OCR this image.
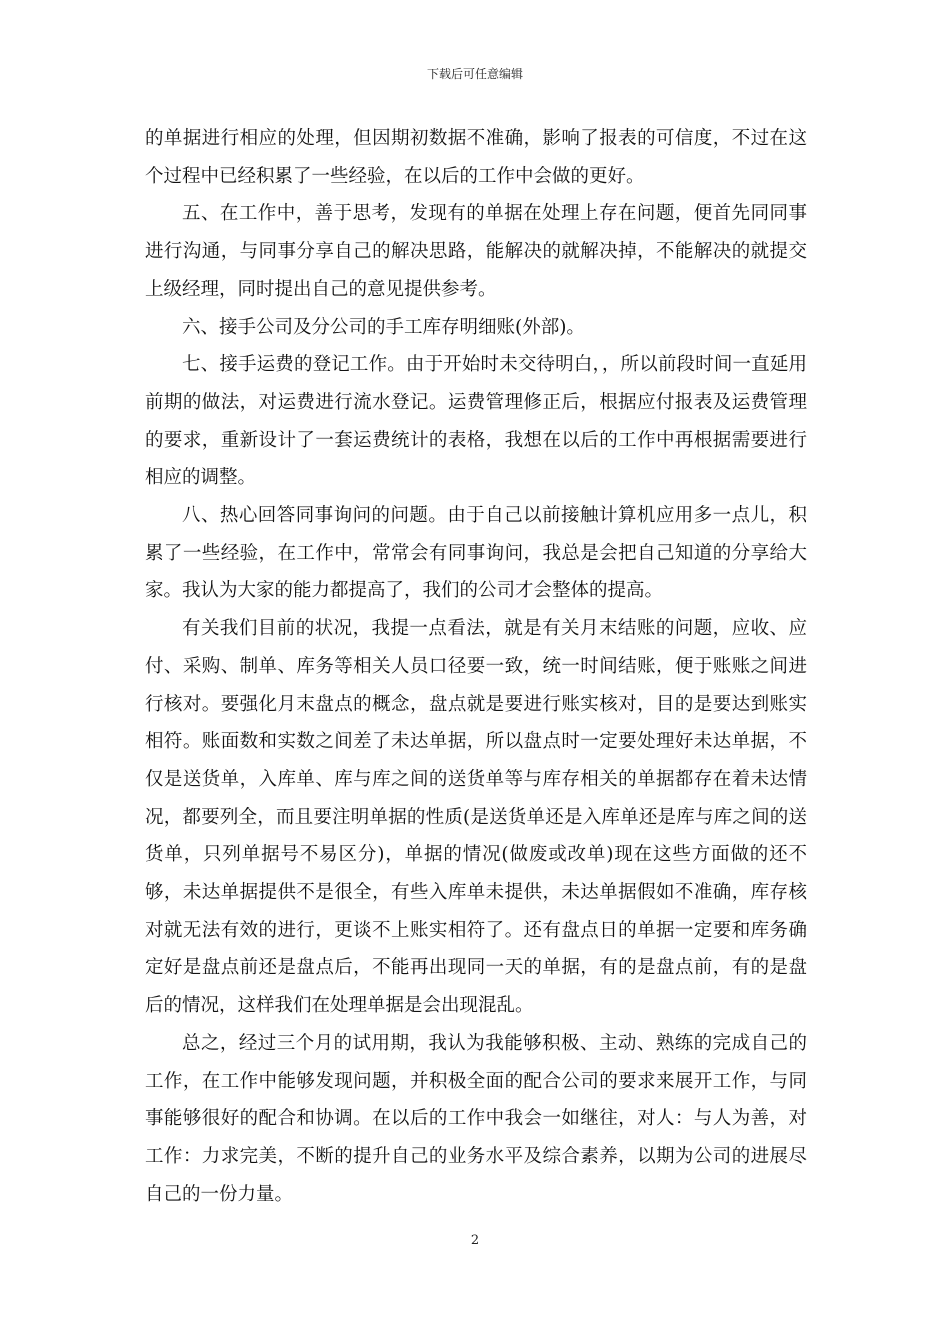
下载后可任意编辑

的单据进行相应的处理，但因期初数据不准确，影响了报表的可信度，不过在这个过程中已经积累了一些经验，在以后的工作中会做的更好。

五、在工作中，善于思考，发现有的单据在处理上存在问题，便首先同同事进行沟通，与同事分享自己的解决思路，能解决的就解决掉，不能解决的就提交上级经理，同时提出自己的意见提供参考。

六、接手公司及分公司的手工库存明细账(外部)。

七、接手运费的登记工作。由于开始时未交待明白，，所以前段时间一直延用前期的做法，对运费进行流水登记。运费管理修正后，根据应付报表及运费管理的要求，重新设计了一套运费统计的表格，我想在以后的工作中再根据需要进行相应的调整。

八、热心回答同事询问的问题。由于自己以前接触计算机应用多一点儿，积累了一些经验，在工作中，常常会有同事询问，我总是会把自己知道的分享给大家。我认为大家的能力都提高了，我们的公司才会整体的提高。

有关我们目前的状况，我提一点看法，就是有关月末结账的问题，应收、应付、采购、制单、库务等相关人员口径要一致，统一时间结账，便于账账之间进行核对。要强化月末盘点的概念，盘点就是要进行账实核对，目的是要达到账实相符。账面数和实数之间差了未达单据，所以盘点时一定要处理好未达单据，不仅是送货单，入库单、库与库之间的送货单等与库存相关的单据都存在着未达情况，都要列全，而且要注明单据的性质(是送货单还是入库单还是库与库之间的送货单，只列单据号不易区分)，单据的情况(做废或改单)现在这些方面做的还不够，未达单据提供不是很全，有些入库单未提供，未达单据假如不准确，库存核对就无法有效的进行，更谈不上账实相符了。还有盘点日的单据一定要和库务确定好是盘点前还是盘点后，不能再出现同一天的单据，有的是盘点前，有的是盘后的情况，这样我们在处理单据是会出现混乱。

总之，经过三个月的试用期，我认为我能够积极、主动、熟练的完成自己的工作，在工作中能够发现问题，并积极全面的配合公司的要求来展开工作，与同事能够很好的配合和协调。在以后的工作中我会一如继往，对人：与人为善，对工作：力求完美，不断的提升自己的业务水平及综合素养，以期为公司的进展尽自己的一份力量。

2
